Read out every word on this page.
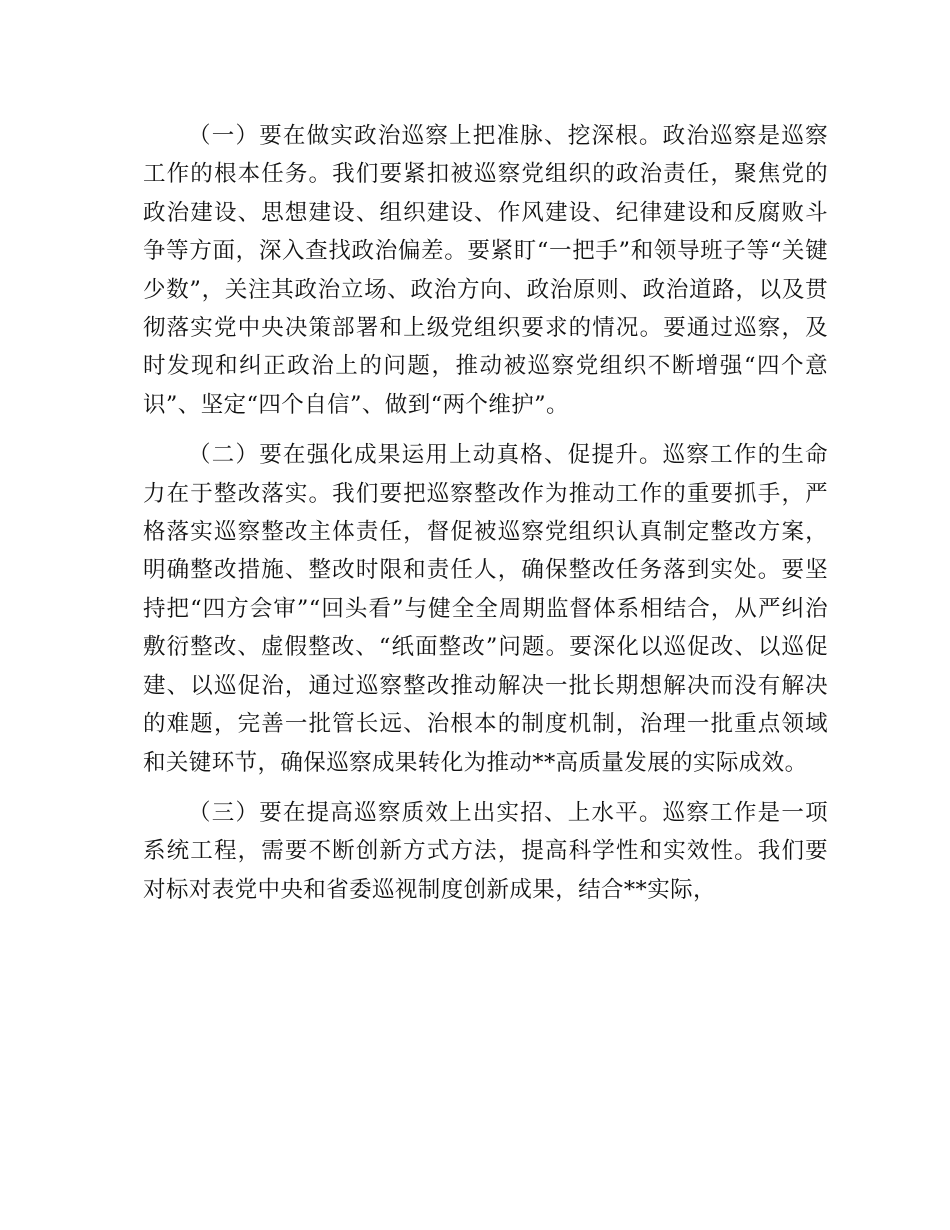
（一）要在做实政治巡察上把准脉、挖深根。政治巡察是巡察工作的根本任务。我们要紧扣被巡察党组织的政治责任，聚焦党的政治建设、思想建设、组织建设、作风建设、纪律建设和反腐败斗争等方面，深入查找政治偏差。要紧盯“一把手”和领导班子等“关键少数”，关注其政治立场、政治方向、政治原则、政治道路，以及贯彻落实党中央决策部署和上级党组织要求的情况。要通过巡察，及时发现和纠正政治上的问题，推动被巡察党组织不断增强“四个意识”、坚定“四个自信”、做到“两个维护”。

（二）要在强化成果运用上动真格、促提升。巡察工作的生命力在于整改落实。我们要把巡察整改作为推动工作的重要抓手，严格落实巡察整改主体责任，督促被巡察党组织认真制定整改方案，明确整改措施、整改时限和责任人，确保整改任务落到实处。要坚持把“四方会审”“回头看”与健全全周期监督体系相结合，从严纠治敷衍整改、虚假整改、“纸面整改”问题。要深化以巡促改、以巡促建、以巡促治，通过巡察整改推动解决一批长期想解决而没有解决的难题，完善一批管长远、治根本的制度机制，治理一批重点领域和关键环节，确保巡察成果转化为推动**高质量发展的实际成效。

（三）要在提高巡察质效上出实招、上水平。巡察工作是一项系统工程，需要不断创新方式方法，提高科学性和实效性。我们要对标对表党中央和省委巡视制度创新成果，结合**实际，
